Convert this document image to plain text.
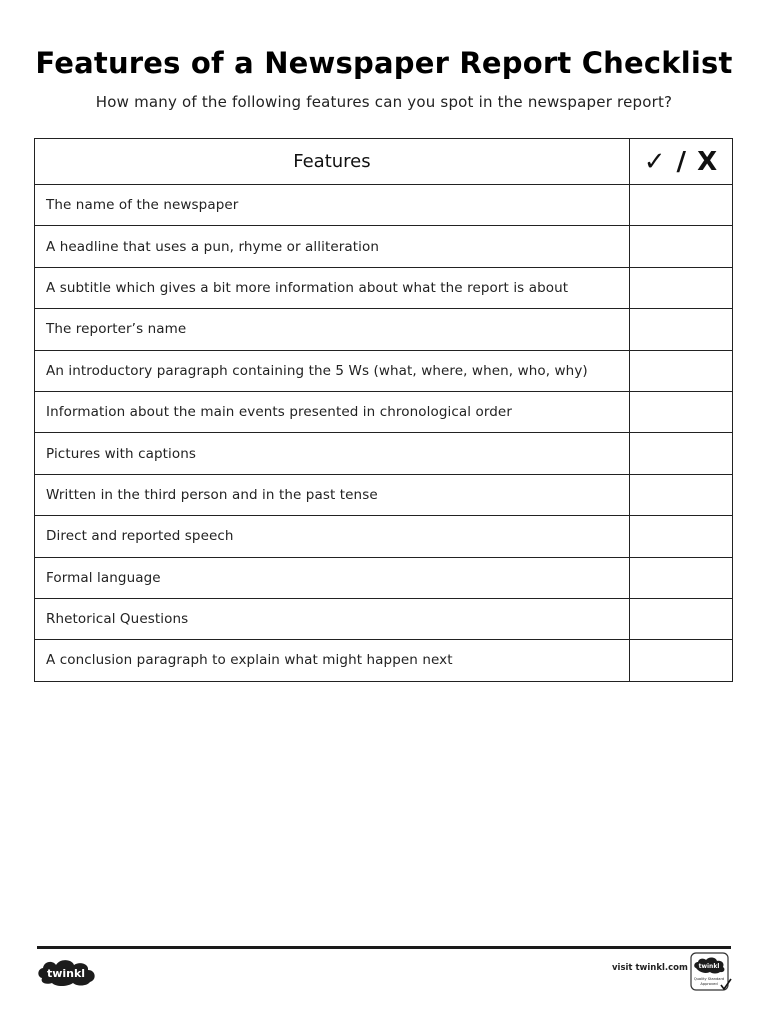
Features of a Newspaper Report Checklist
How many of the following features can you spot in the newspaper report?
Features	✓ / X
The name of the newspaper	
A headline that uses a pun, rhyme or alliteration	
A subtitle which gives a bit more information about what the report is about	
The reporter’s name	
An introductory paragraph containing the 5 Ws (what, where, when, who, why)	
Information about the main events presented in chronological order	
Pictures with captions	
Written in the third person and in the past tense	
Direct and reported speech	
Formal language	
Rhetorical Questions	
A conclusion paragraph to explain what might happen next	
twinkl	visit twinkl.com twinkl
Quality Standard
Approved
